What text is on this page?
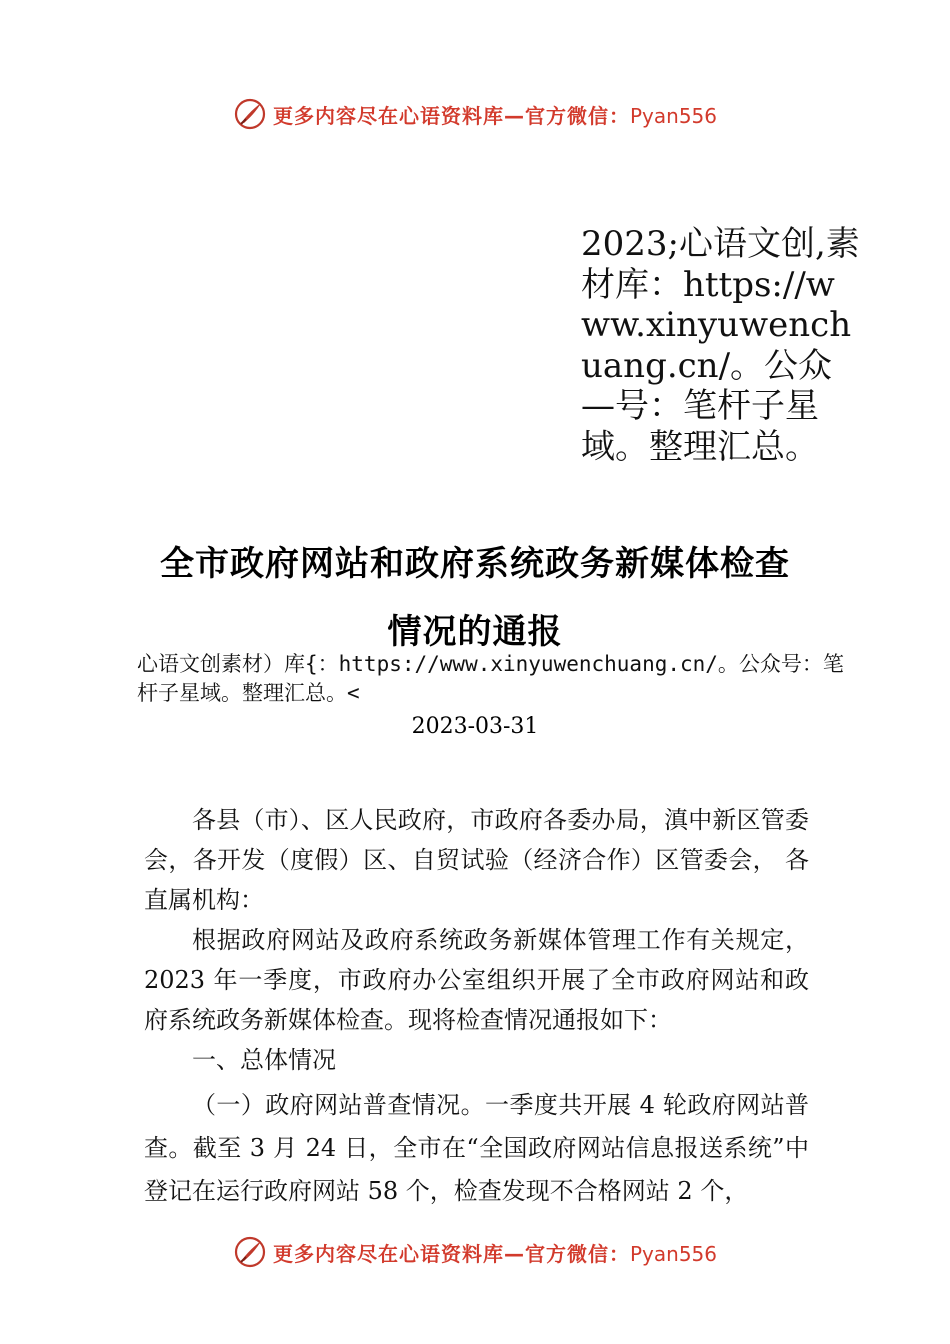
更多内容尽在心语资料库—官方微信：Pyan556
2023;心语文创,素材库：https://www.xinyuwenchuang.cn/。公众—号：笔杆子星域。整理汇总。
全市政府网站和政府系统政务新媒体检查
情况的通报
心语文创素材）库{：https://www.xinyuwenchuang.cn/。公众号：笔杆子星域。整理汇总。<
2023-03-31

各县（市）、区人民政府，市政府各委办局，滇中新区管委会，各开发（度假）区、自贸试验（经济合作）区管委会， 各直属机构：

根据政府网站及政府系统政务新媒体管理工作有关规定，2023 年一季度，市政府办公室组织开展了全市政府网站和政府系统政务新媒体检查。现将检查情况通报如下：

一、总体情况

（一）政府网站普查情况。一季度共开展 4 轮政府网站普查。截至 3 月 24 日，全市在“全国政府网站信息报送系统”中登记在运行政府网站 58 个，检查发现不合格网站 2 个，

更多内容尽在心语资料库—官方微信：Pyan556
